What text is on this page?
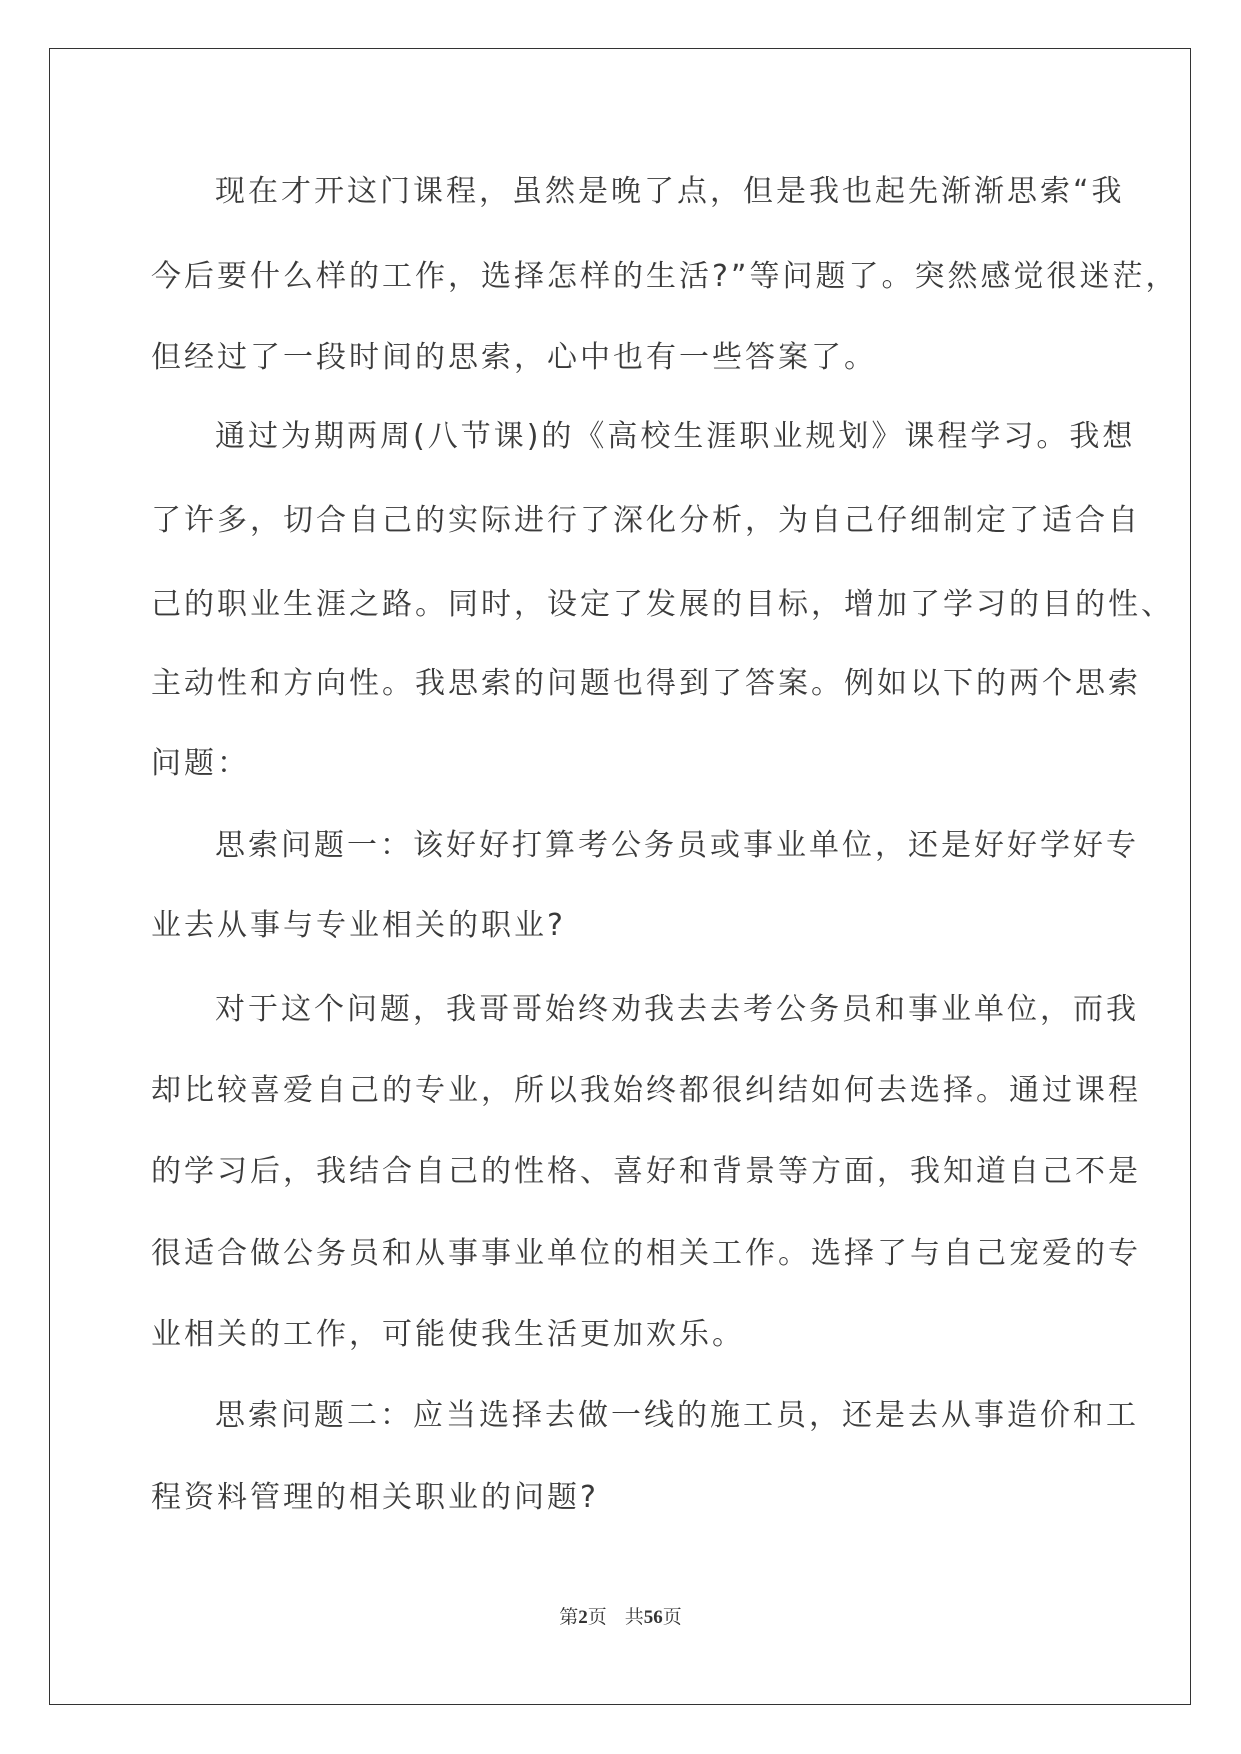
现在才开这门课程，虽然是晚了点，但是我也起先渐渐思索“我
今后要什么样的工作，选择怎样的生活?”等问题了。突然感觉很迷茫，
但经过了一段时间的思索，心中也有一些答案了。
通过为期两周(八节课)的《高校生涯职业规划》课程学习。我想
了许多，切合自己的实际进行了深化分析，为自己仔细制定了适合自
己的职业生涯之路。同时，设定了发展的目标，增加了学习的目的性、
主动性和方向性。我思索的问题也得到了答案。例如以下的两个思索
问题：
思索问题一：该好好打算考公务员或事业单位，还是好好学好专
业去从事与专业相关的职业?
对于这个问题，我哥哥始终劝我去去考公务员和事业单位，而我
却比较喜爱自己的专业，所以我始终都很纠结如何去选择。通过课程
的学习后，我结合自己的性格、喜好和背景等方面，我知道自己不是
很适合做公务员和从事事业单位的相关工作。选择了与自己宠爱的专
业相关的工作，可能使我生活更加欢乐。
思索问题二：应当选择去做一线的施工员，还是去从事造价和工
程资料管理的相关职业的问题?
第2页 共56页
